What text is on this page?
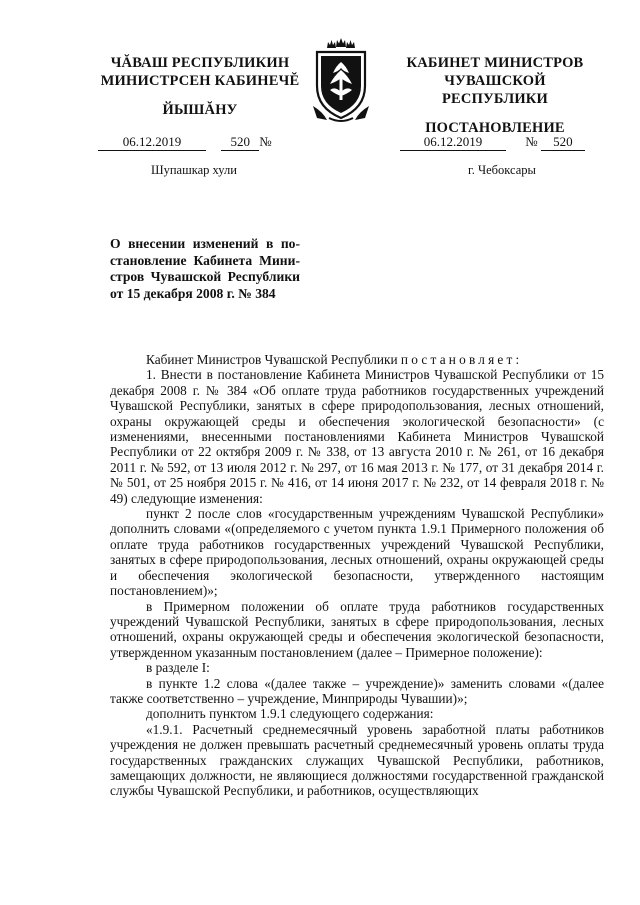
ЧĂВАШ РЕСПУБЛИКИН
МИНИСТРСЕН КАБИНЕЧĔ
ЙЫШĂНУ
КАБИНЕТ МИНИСТРОВ
ЧУВАШСКОЙ РЕСПУБЛИКИ
ПОСТАНОВЛЕНИЕ
06.12.2019	520 №	06.12.2019	№ 520
Шупашкар хули	г. Чебоксары

О внесении изменений в по-

становление Кабинета Мини-

стров Чувашской Республики

от 15 декабря 2008 г. № 384

Кабинет Министров Чувашской Республики постановляет:

1. Внести в постановление Кабинета Министров Чувашской Республики от 15 декабря 2008 г. № 384 «Об оплате труда работников государственных учреждений Чувашской Республики, занятых в сфере природопользования, лесных отношений, охраны окружающей среды и обеспечения экологической безопасности» (с изменениями, внесенными постановлениями Кабинета Министров Чувашской Республики от 22 октября 2009 г. № 338, от 13 августа 2010 г. № 261, от 16 декабря 2011 г. № 592, от 13 июля 2012 г. № 297, от 16 мая 2013 г. № 177, от 31 декабря 2014 г. № 501, от 25 ноября 2015 г. № 416, от 14 июня 2017 г. № 232, от 14 февраля 2018 г. № 49) следующие изменения:

пункт 2 после слов «государственным учреждениям Чувашской Республики» дополнить словами «(определяемого с учетом пункта 1.9.1 Примерного положения об оплате труда работников государственных учреждений Чувашской Республики, занятых в сфере природопользования, лесных отношений, охраны окружающей среды и обеспечения экологической безопасности, утвержденного настоящим постановлением)»;

в Примерном положении об оплате труда работников государственных учреждений Чувашской Республики, занятых в сфере природопользования, лесных отношений, охраны окружающей среды и обеспечения экологической безопасности, утвержденном указанным постановлением (далее – Примерное положение):

в разделе I:

в пункте 1.2 слова «(далее также – учреждение)» заменить словами «(далее также соответственно – учреждение, Минприроды Чувашии)»;

дополнить пунктом 1.9.1 следующего содержания:

«1.9.1. Расчетный среднемесячный уровень заработной платы работников учреждения не должен превышать расчетный среднемесячный уровень оплаты труда государственных гражданских служащих Чувашской Республики, работников, замещающих должности, не являющиеся должностями государственной гражданской службы Чувашской Республики, и работников, осуществляющих
